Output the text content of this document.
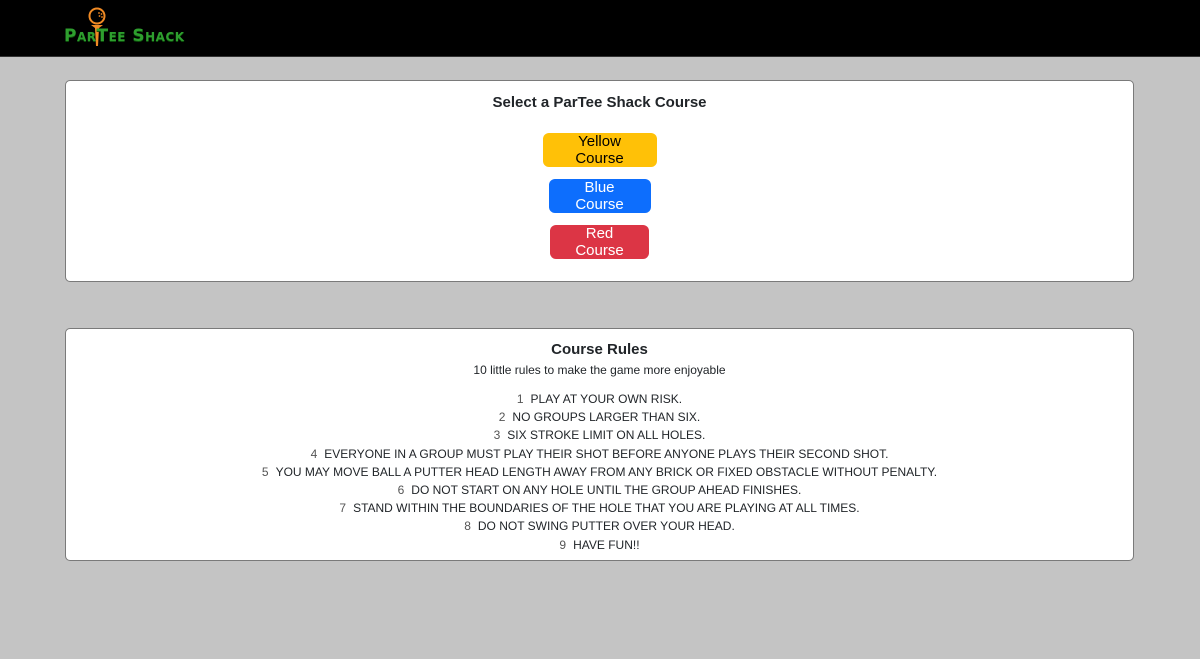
ParTee Shack
Select a ParTee Shack Course
Yellow Course
Blue Course
Red Course
Course Rules

10 little rules to make the game more enjoyable

1 PLAY AT YOUR OWN RISK.
2 NO GROUPS LARGER THAN SIX.
3 SIX STROKE LIMIT ON ALL HOLES.
4 EVERYONE IN A GROUP MUST PLAY THEIR SHOT BEFORE ANYONE PLAYS THEIR SECOND SHOT.
5 YOU MAY MOVE BALL A PUTTER HEAD LENGTH AWAY FROM ANY BRICK OR FIXED OBSTACLE WITHOUT PENALTY.
6 DO NOT START ON ANY HOLE UNTIL THE GROUP AHEAD FINISHES.
7 STAND WITHIN THE BOUNDARIES OF THE HOLE THAT YOU ARE PLAYING AT ALL TIMES.
8 DO NOT SWING PUTTER OVER YOUR HEAD.
9 HAVE FUN!!
